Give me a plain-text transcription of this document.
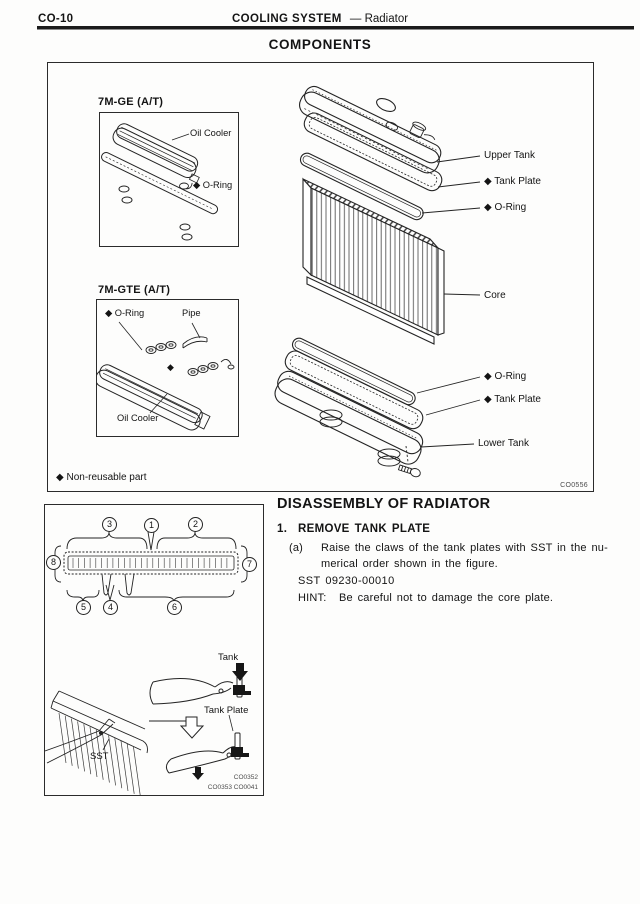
CO-10	COOLING SYSTEM — Radiator
COMPONENTS
7M-GE (A/T)
Oil Cooler
◆ O-Ring
7M-GTE (A/T)
◆
◆ O-Ring	Pipe
Oil Cooler
Upper Tank
◆ Tank Plate
◆ O-Ring
Core
◆ O-Ring
◆ Tank Plate
Lower Tank
◆ Non-reusable part
CO0556
3	1	2
8	7
5	4	6
Tank
Tank Plate
SST
CO0352
CO0353 CO0041
DISASSEMBLY OF RADIATOR
1. REMOVE TANK PLATE
(a) Raise the claws of the tank plates with SST in the nu-
merical order shown in the figure.
SST 09230-00010
HINT: Be careful not to damage the core plate.
